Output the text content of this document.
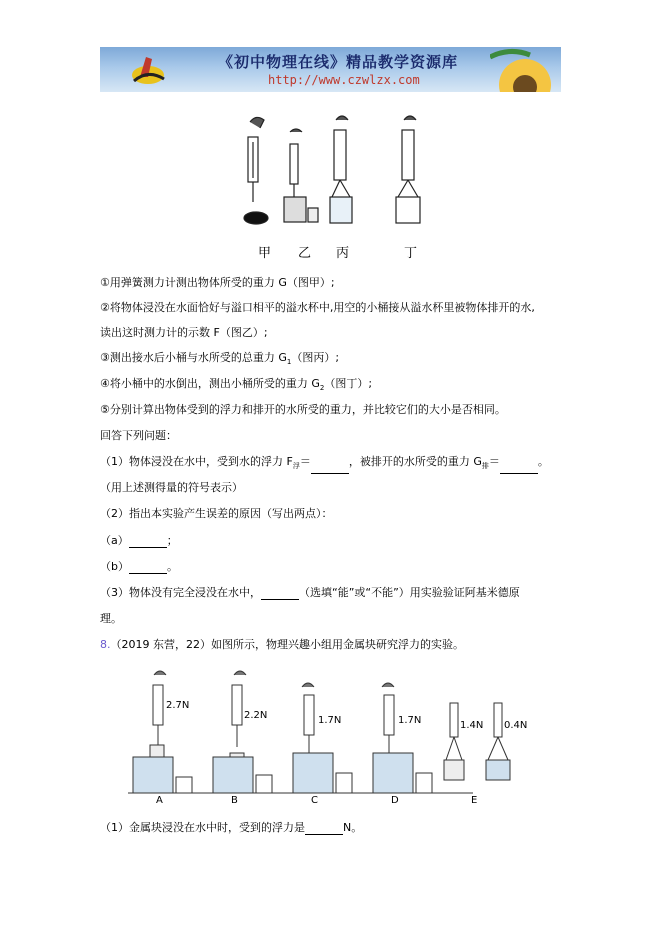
《初中物理在线》精品教学资源库
http://www.czwlzx.com
甲 乙 丙	丁
①用弹簧测力计测出物体所受的重力 G（图甲）;
②将物体浸没在水面恰好与溢口相平的溢水杯中,用空的小桶接从溢水杯里被物体排开的水,
读出这时测力计的示数 F（图乙）;
③测出接水后小桶与水所受的总重力 $G_1$（图丙）;
④将小桶中的水倒出，测出小桶所受的重力 $G_2$（图丁）;
⑤分别计算出物体受到的浮力和排开的水所受的重力，并比较它们的大小是否相同。
回答下列问题：
（1）物体浸没在水中，受到水的浮力 $F_浮=$	，被排开的水所受的重力 $G_排=$	。
（用上述测得量的符号表示）
（2）指出本实验产生误差的原因（写出两点）：
（a）	；
（b）	。
（3）物体没有完全浸没在水中，	（选填“能”或“不能”）用实验验证阿基米德原
理。
8.（2019 东营，22）如图所示，物理兴趣小组用金属块研究浮力的实验。
2.7N
2.2N	1.7N	1.7N	1.4N 0.4N
A	B	C	D	E
（1）金属块浸没在水中时，受到的浮力是	N。
